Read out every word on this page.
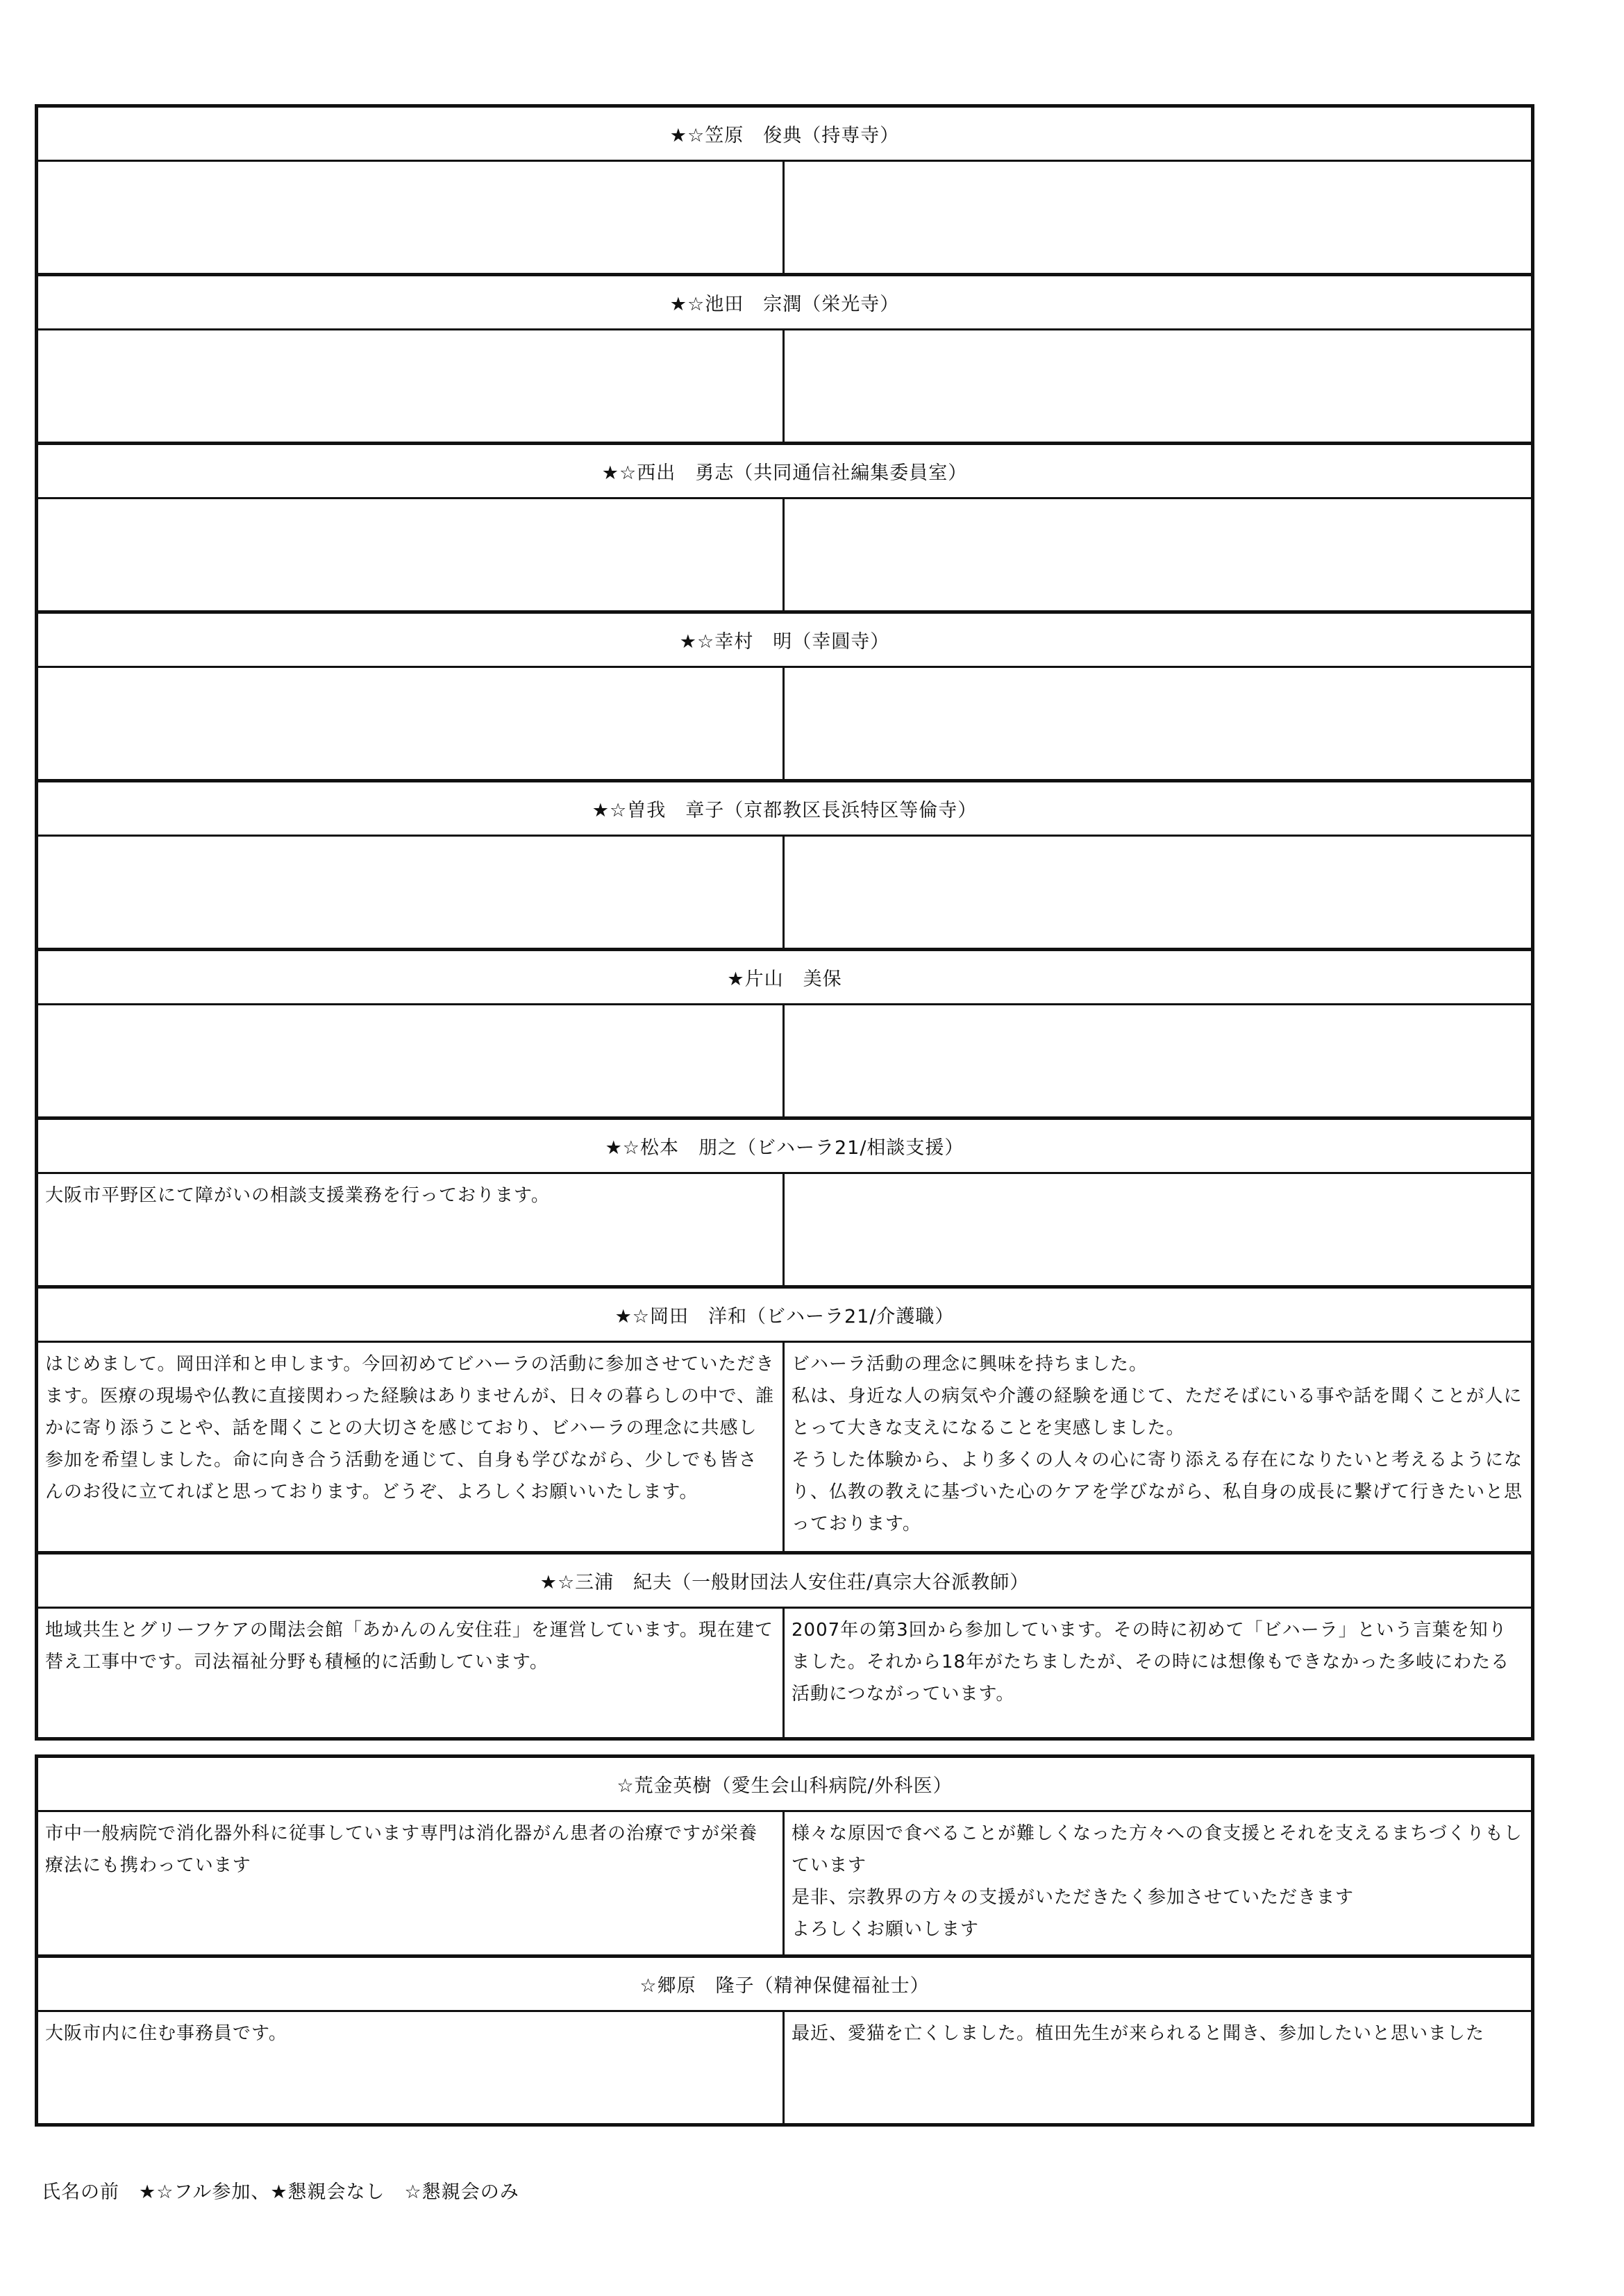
★☆笠原　俊典（持専寺）
★☆池田　宗潤（栄光寺）
★☆西出　勇志（共同通信社編集委員室）
★☆幸村　明（幸圓寺）
★☆曽我　章子（京都教区長浜特区等倫寺）
★片山　美保
★☆松本　朋之（ビハーラ21/相談支援）
大阪市平野区にて障がいの相談支援業務を行っております。
★☆岡田　洋和（ビハーラ21/介護職）
はじめまして。岡田洋和と申します。今回初めてビハーラの活動に参加させていただきます。医療の現場や仏教に直接関わった経験はありませんが、日々の暮らしの中で、誰かに寄り添うことや、話を聞くことの大切さを感じており、ビハーラの理念に共感し参加を希望しました。命に向き合う活動を通じて、自身も学びながら、少しでも皆さんのお役に立てればと思っております。どうぞ、よろしくお願いいたします。
ビハーラ活動の理念に興味を持ちました。
私は、身近な人の病気や介護の経験を通じて、ただそばにいる事や話を聞くことが人にとって大きな支えになることを実感しました。
そうした体験から、より多くの人々の心に寄り添える存在になりたいと考えるようになり、仏教の教えに基づいた心のケアを学びながら、私自身の成長に繋げて行きたいと思っております。
★☆三浦　紀夫（一般財団法人安住荘/真宗大谷派教師）
地域共生とグリーフケアの聞法会館「あかんのん安住荘」を運営しています。現在建て替え工事中です。司法福祉分野も積極的に活動しています。
2007年の第3回から参加しています。その時に初めて「ビハーラ」という言葉を知りました。それから18年がたちましたが、その時には想像もできなかった多岐にわたる活動につながっています。
☆荒金英樹（愛生会山科病院/外科医）
市中一般病院で消化器外科に従事しています専門は消化器がん患者の治療ですが栄養療法にも携わっています
様々な原因で食べることが難しくなった方々への食支援とそれを支えるまちづくりもしています
是非、宗教界の方々の支援がいただきたく参加させていただきます
よろしくお願いします
☆郷原　隆子（精神保健福祉士）
大阪市内に住む事務員です。	最近、愛猫を亡くしました。植田先生が来られると聞き、参加したいと思いました
氏名の前　★☆フル参加、★懇親会なし　☆懇親会のみ
